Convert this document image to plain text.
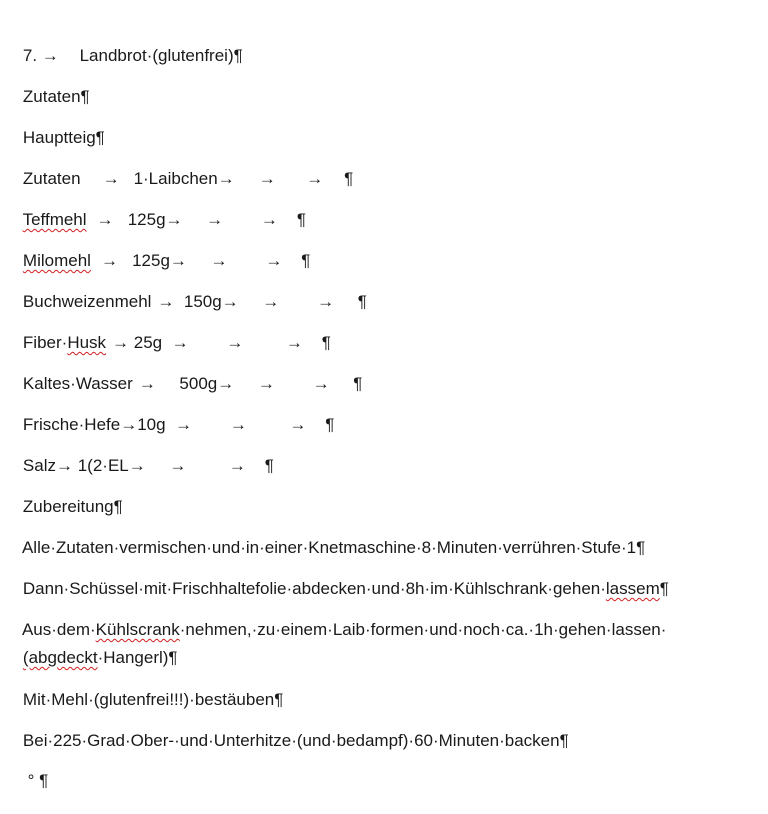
7.	→	Landbrot·(glutenfrei)¶

Zutaten¶

Hauptteig¶

Zutaten → 1·Laibchen→ →	→	¶

Teffmehl →   125g→     →        →    ¶

Milomehl →   125g→     →        →    ¶

Buchweizenmehl →  150g→     →        →     ¶

Fiber·Husk → 25g  →        →         →    ¶

Kaltes·Wasser →     500g→     →        →     ¶

Frische·Hefe→10g  →        →         →    ¶

Salz→ 1(2·EL→     →         →    ¶

Zubereitung¶

Alle·Zutaten·vermischen·und·in·einer·Knetmaschine·8·Minuten·verrühren·Stufe·1¶

Dann·Schüssel·mit·Frischhaltefolie·abdecken·und·8h·im·Kühlschrank·gehen·lassem¶

Aus·dem·Kühlscrank·nehmen,·zu·einem·Laib·formen·und·noch·ca.·1h·gehen·lassen·

(abgdeckt·Hangerl)¶

Mit·Mehl·(glutenfrei!!!)·bestäuben¶

Bei·225·Grad·Ober-·und·Unterhitze·(und·bedampf)·60·Minuten·backen¶

° ¶
